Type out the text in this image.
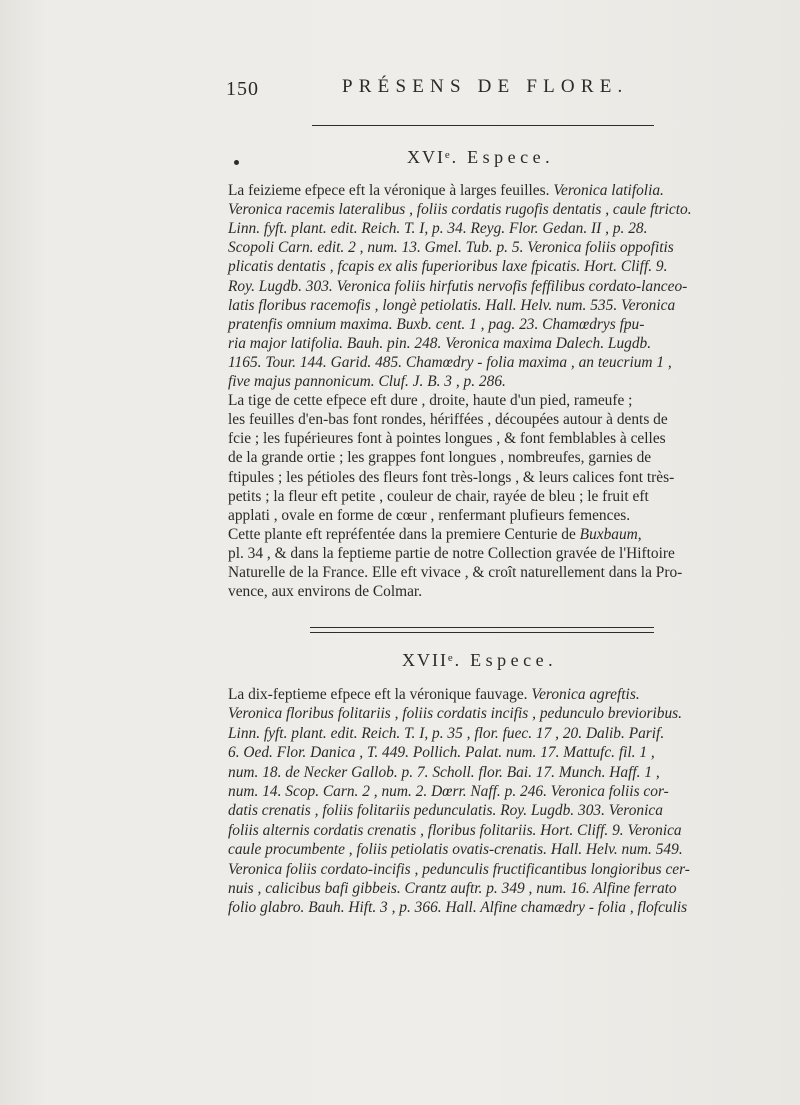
150	PRÉSENS DE FLORE.
XVIᵉ. Espece.
La feizieme efpece eft la véronique à larges feuilles. Veronica latifolia.
Veronica racemis lateralibus , foliis cordatis rugofis dentatis , caule ftricto.
Linn. fyft. plant. edit. Reich. T. I, p. 34. Reyg. Flor. Gedan. II , p. 28.
Scopoli Carn. edit. 2 , num. 13. Gmel. Tub. p. 5. Veronica foliis oppofitis
plicatis dentatis , fcapis ex alis fuperioribus laxe fpicatis. Hort. Cliff. 9.
Roy. Lugdb. 303. Veronica foliis hirfutis nervofis feffilibus cordato-lanceo-
latis floribus racemofis , longè petiolatis. Hall. Helv. num. 535. Veronica
pratenfis omnium maxima. Buxb. cent. 1 , pag. 23. Chamœdrys fpu-
ria major latifolia. Bauh. pin. 248. Veronica maxima Dalech. Lugdb.
1165. Tour. 144. Garid. 485. Chamœdry - folia maxima , an teucrium 1 ,
five majus pannonicum. Cluf. J. B. 3 , p. 286.
La tige de cette efpece eft dure , droite, haute d'un pied, rameufe ;
les feuilles d'en-bas font rondes, hériffées , découpées autour à dents de
fcie ; les fupérieures font à pointes longues , & font femblables à celles
de la grande ortie ; les grappes font longues , nombreufes, garnies de
ftipules ; les pétioles des fleurs font très-longs , & leurs calices font très-
petits ; la fleur eft petite , couleur de chair, rayée de bleu ; le fruit eft
applati , ovale en forme de cœur , renfermant plufieurs femences.
Cette plante eft repréfentée dans la premiere Centurie de Buxbaum,
pl. 34 , & dans la feptieme partie de notre Collection gravée de l'Hiftoire
Naturelle de la France. Elle eft vivace , & croît naturellement dans la Pro-
vence, aux environs de Colmar.
XVIIᵉ. Espece.
La dix-feptieme efpece eft la véronique fauvage. Veronica agreftis.
Veronica floribus folitariis , foliis cordatis incifis , pedunculo brevioribus.
Linn. fyft. plant. edit. Reich. T. I, p. 35 , flor. fuec. 17 , 20. Dalib. Parif.
6. Oed. Flor. Danica , T. 449. Pollich. Palat. num. 17. Mattufc. fil. 1 ,
num. 18. de Necker Gallob. p. 7. Scholl. flor. Bai. 17. Munch. Haff. 1 ,
num. 14. Scop. Carn. 2 , num. 2. Dœrr. Naff. p. 246. Veronica foliis cor-
datis crenatis , foliis folitariis pedunculatis. Roy. Lugdb. 303. Veronica
foliis alternis cordatis crenatis , floribus folitariis. Hort. Cliff. 9. Veronica
caule procumbente , foliis petiolatis ovatis-crenatis. Hall. Helv. num. 549.
Veronica foliis cordato-incifis , pedunculis fructificantibus longioribus cer-
nuis , calicibus bafi gibbeis. Crantz auftr. p. 349 , num. 16. Alfine ferrato
folio glabro. Bauh. Hift. 3 , p. 366. Hall. Alfine chamædry - folia , flofculis
